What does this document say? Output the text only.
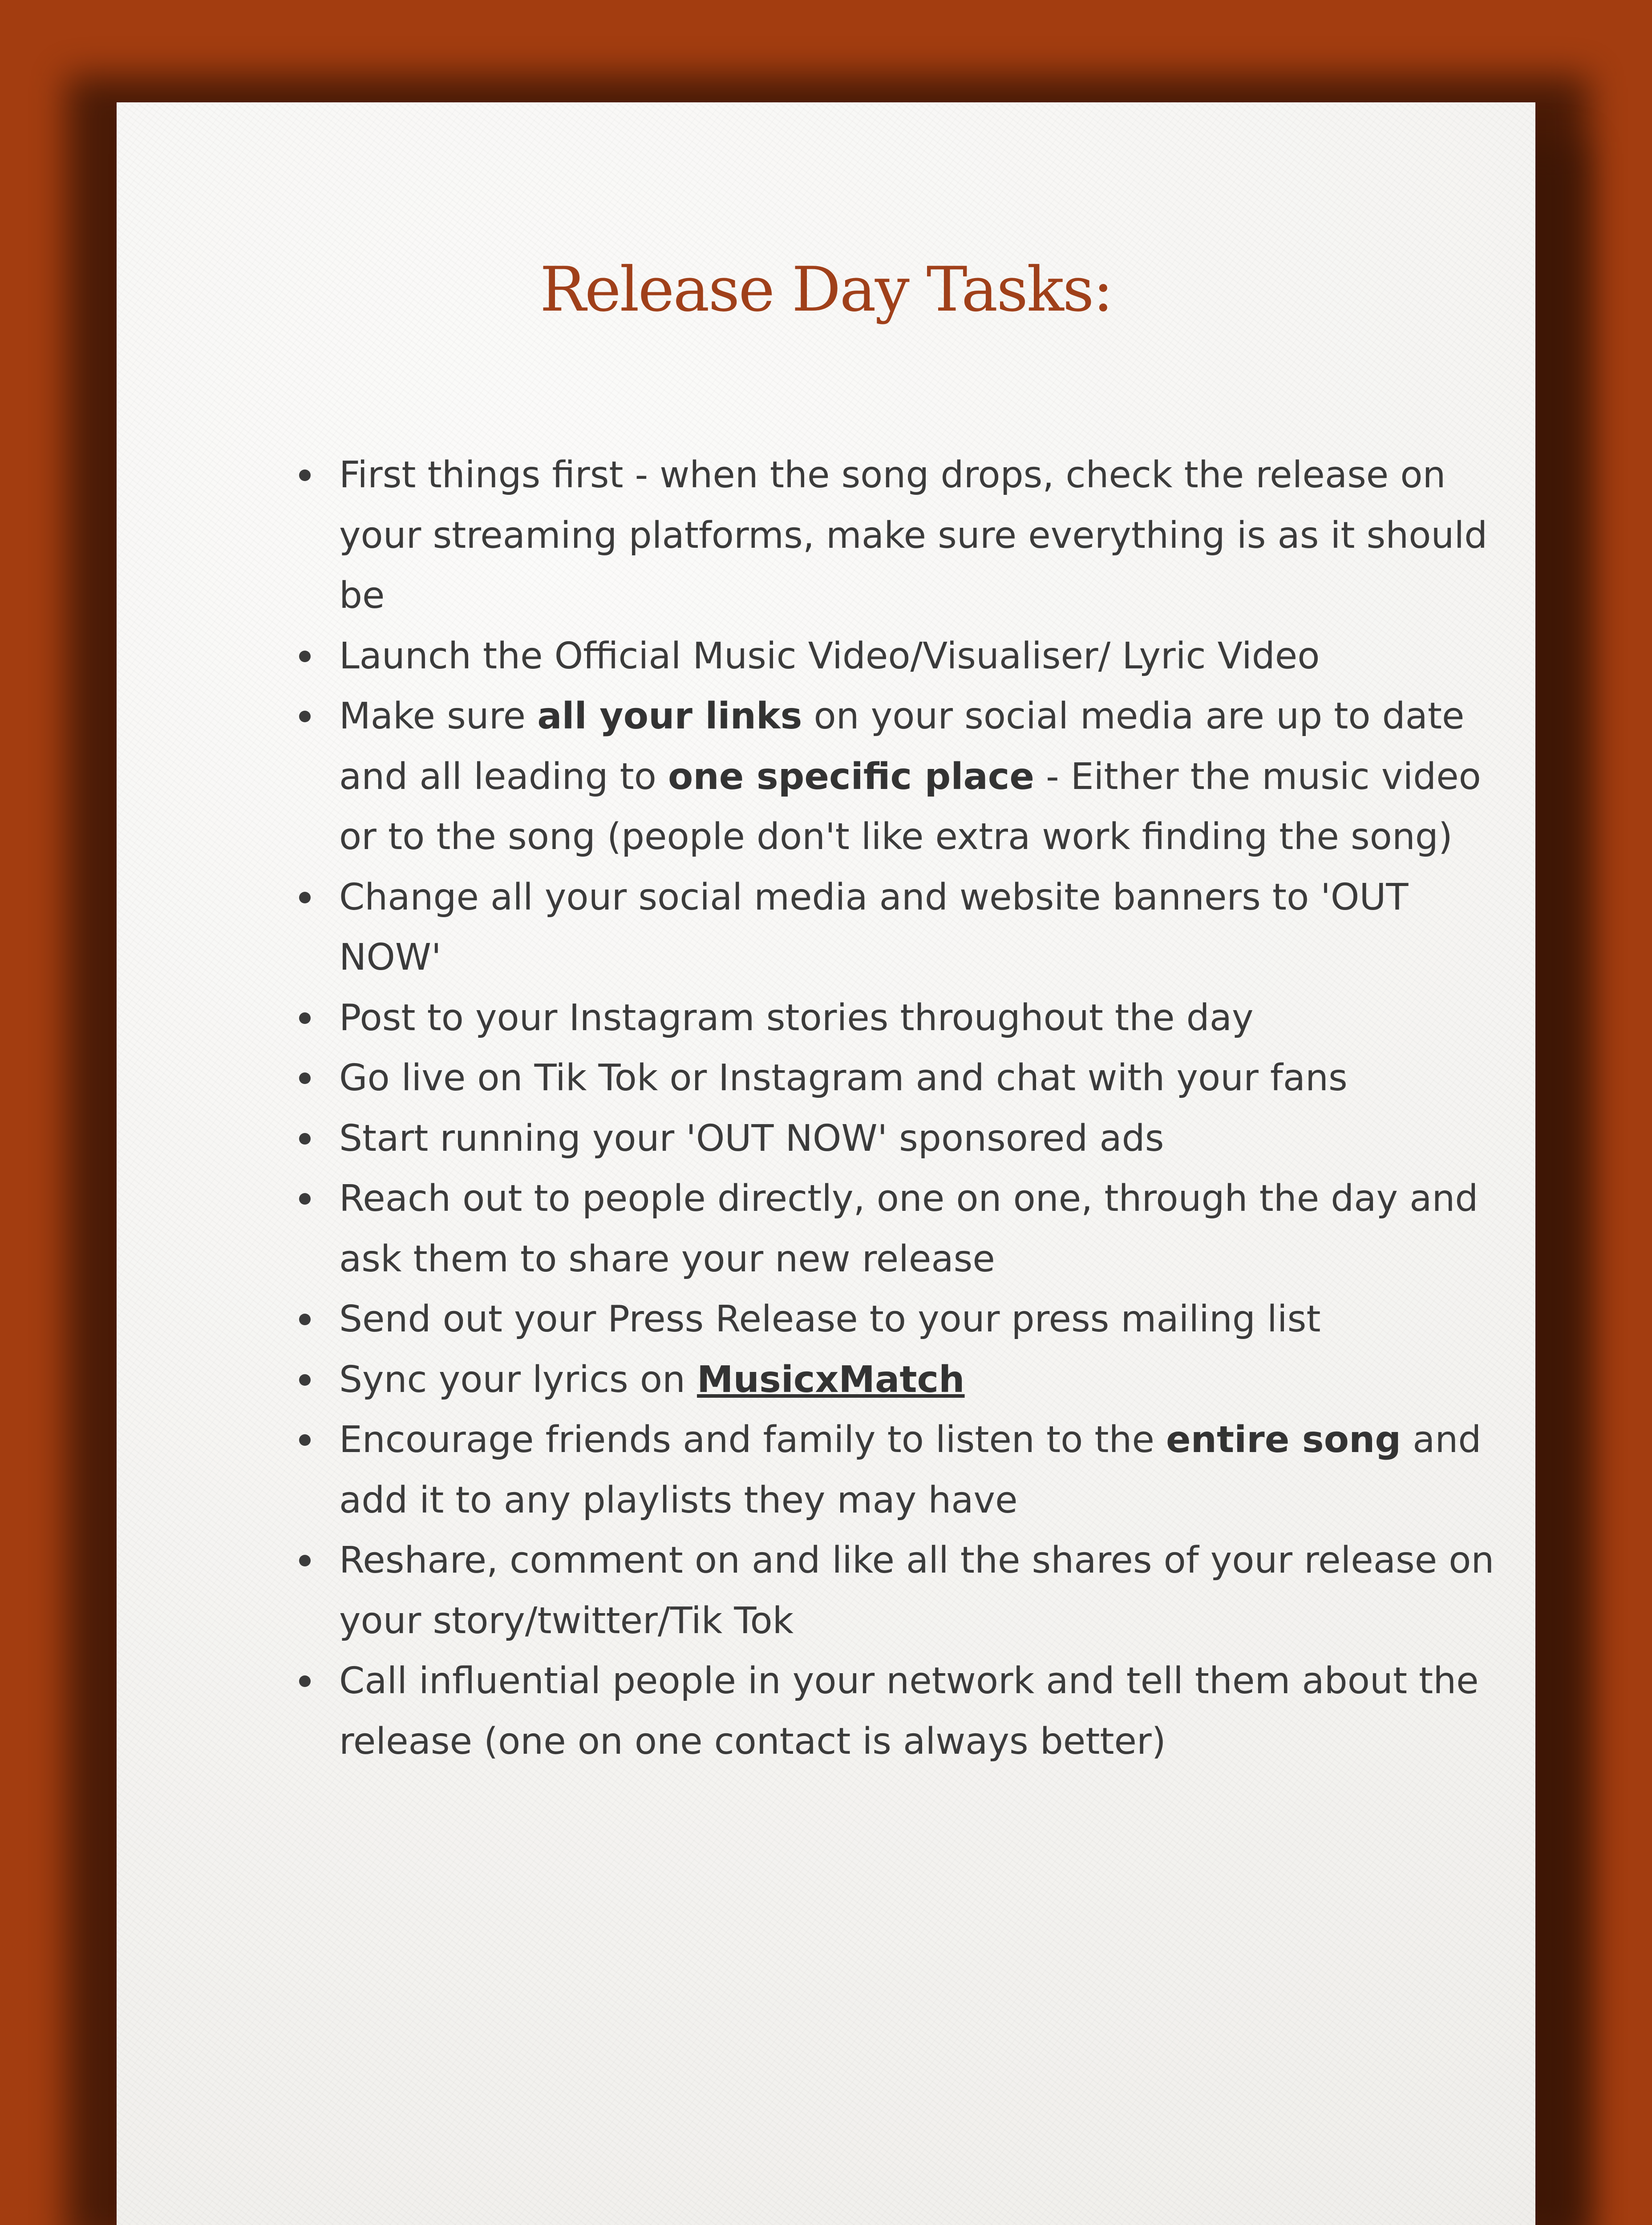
Release Day Tasks:
First things first - when the song drops, check the release on your streaming platforms, make sure everything is as it should be
Launch the Official Music Video/Visualiser/ Lyric Video
Make sure all your links on your social media are up to date and all leading to one specific place - Either the music video or to the song (people don't like extra work finding the song)
Change all your social media and website banners to 'OUT NOW'
Post to your Instagram stories throughout the day
Go live on Tik Tok or Instagram and chat with your fans
Start running your 'OUT NOW' sponsored ads
Reach out to people directly, one on one, through the day and ask them to share your new release
Send out your Press Release to your press mailing list
Sync your lyrics on MusicxMatch
Encourage friends and family to listen to the entire song and add it to any playlists they may have
Reshare, comment on and like all the shares of your release on your story/twitter/Tik Tok
Call influential people in your network and tell them about the release (one on one contact is always better)
